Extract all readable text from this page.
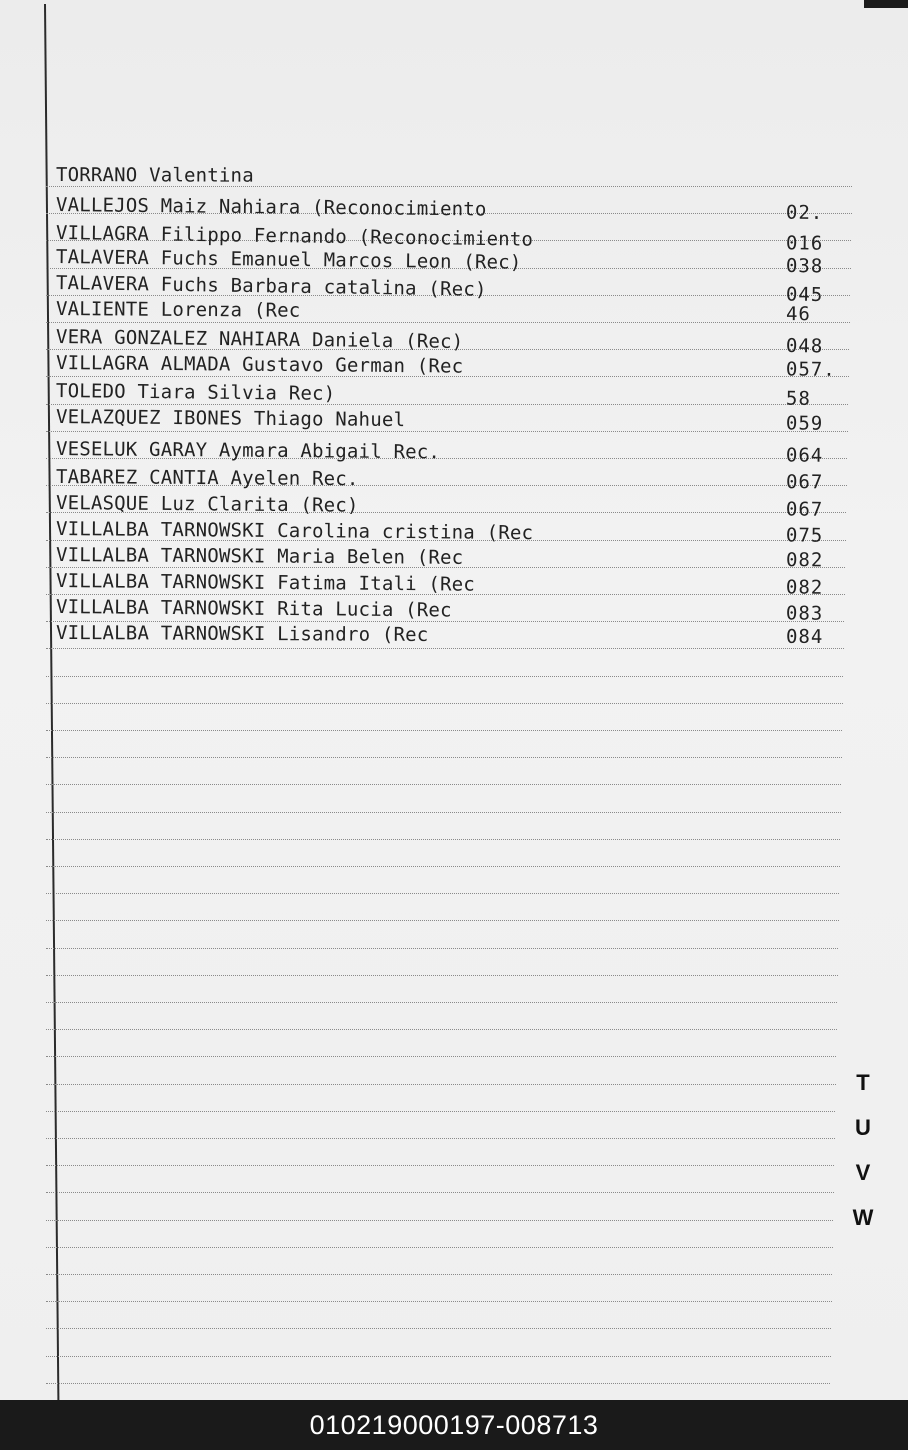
TORRANO Valentina
VALLEJOS Maiz Nahiara (Reconocimiento	02.
VILLAGRA Filippo Fernando (Reconocimiento	016
TALAVERA Fuchs Emanuel Marcos Leon (Rec)	038
TALAVERA Fuchs Barbara catalina (Rec)	045
VALIENTE Lorenza (Rec	46
VERA GONZALEZ NAHIARA Daniela (Rec)	048
VILLAGRA ALMADA Gustavo German (Rec	057.
TOLEDO Tiara Silvia Rec)	58
VELAZQUEZ IBONES Thiago Nahuel	059
VESELUK GARAY Aymara Abigail Rec.	064
TABAREZ CANTIA Ayelen Rec.	067
VELASQUE Luz Clarita (Rec)	067
VILLALBA TARNOWSKI Carolina cristina (Rec	075
VILLALBA TARNOWSKI Maria Belen (Rec	082
VILLALBA TARNOWSKI Fatima Itali (Rec	082
VILLALBA TARNOWSKI Rita Lucia (Rec	083
VILLALBA TARNOWSKI Lisandro (Rec	084
T
U
V
W
010219000197-008713
